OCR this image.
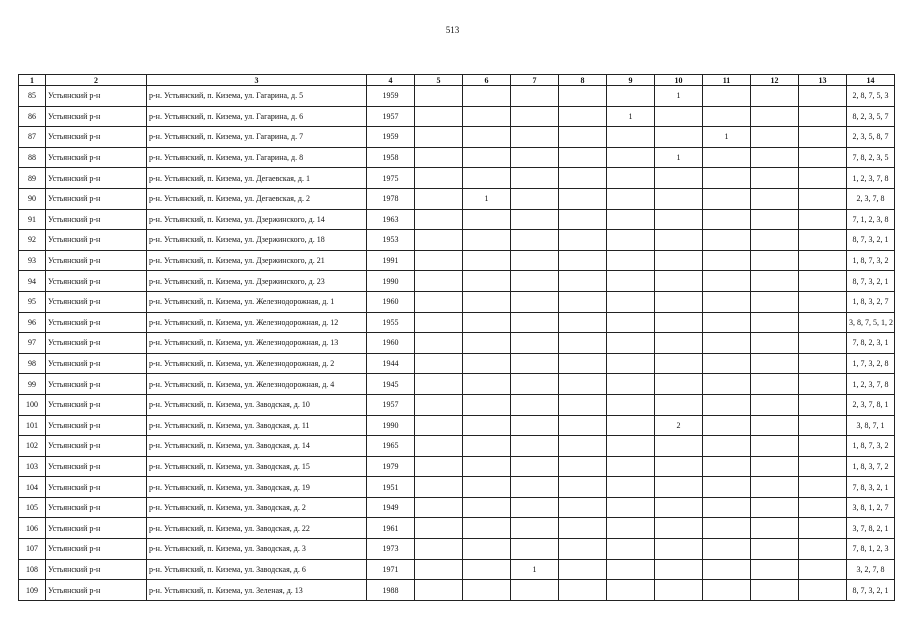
513
1	2	3	4	5	6	7	8	9	10	11	12	13	14
85	Устьянский р-н	р-н. Устьянский, п. Кизема, ул. Гагарина, д. 5	1959						1				2, 8, 7, 5, 3
86	Устьянский р-н	р-н. Устьянский, п. Кизема, ул. Гагарина, д. 6	1957					1					8, 2, 3, 5, 7
87	Устьянский р-н	р-н. Устьянский, п. Кизема, ул. Гагарина, д. 7	1959							1			2, 3, 5, 8, 7
88	Устьянский р-н	р-н. Устьянский, п. Кизема, ул. Гагарина, д. 8	1958						1				7, 8, 2, 3, 5
89	Устьянский р-н	р-н. Устьянский, п. Кизема, ул. Дегаевская, д. 1	1975										1, 2, 3, 7, 8
90	Устьянский р-н	р-н. Устьянский, п. Кизема, ул. Дегаевская, д. 2	1978		1								2, 3, 7, 8
91	Устьянский р-н	р-н. Устьянский, п. Кизема, ул. Дзержинского, д. 14	1963										7, 1, 2, 3, 8
92	Устьянский р-н	р-н. Устьянский, п. Кизема, ул. Дзержинского, д. 18	1953										8, 7, 3, 2, 1
93	Устьянский р-н	р-н. Устьянский, п. Кизема, ул. Дзержинского, д. 21	1991										1, 8, 7, 3, 2
94	Устьянский р-н	р-н. Устьянский, п. Кизема, ул. Дзержинского, д. 23	1990										8, 7, 3, 2, 1
95	Устьянский р-н	р-н. Устьянский, п. Кизема, ул. Железнодорожная, д. 1	1960										1, 8, 3, 2, 7
96	Устьянский р-н	р-н. Устьянский, п. Кизема, ул. Железнодорожная, д. 12	1955										3, 8, 7, 5, 1, 2
97	Устьянский р-н	р-н. Устьянский, п. Кизема, ул. Железнодорожная, д. 13	1960										7, 8, 2, 3, 1
98	Устьянский р-н	р-н. Устьянский, п. Кизема, ул. Железнодорожная, д. 2	1944										1, 7, 3, 2, 8
99	Устьянский р-н	р-н. Устьянский, п. Кизема, ул. Железнодорожная, д. 4	1945										1, 2, 3, 7, 8
100	Устьянский р-н	р-н. Устьянский, п. Кизема, ул. Заводская, д. 10	1957										2, 3, 7, 8, 1
101	Устьянский р-н	р-н. Устьянский, п. Кизема, ул. Заводская, д. 11	1990						2				3, 8, 7, 1
102	Устьянский р-н	р-н. Устьянский, п. Кизема, ул. Заводская, д. 14	1965										1, 8, 7, 3, 2
103	Устьянский р-н	р-н. Устьянский, п. Кизема, ул. Заводская, д. 15	1979										1, 8, 3, 7, 2
104	Устьянский р-н	р-н. Устьянский, п. Кизема, ул. Заводская, д. 19	1951										7, 8, 3, 2, 1
105	Устьянский р-н	р-н. Устьянский, п. Кизема, ул. Заводская, д. 2	1949										3, 8, 1, 2, 7
106	Устьянский р-н	р-н. Устьянский, п. Кизема, ул. Заводская, д. 22	1961										3, 7, 8, 2, 1
107	Устьянский р-н	р-н. Устьянский, п. Кизема, ул. Заводская, д. 3	1973										7, 8, 1, 2, 3
108	Устьянский р-н	р-н. Устьянский, п. Кизема, ул. Заводская, д. 6	1971			1							3, 2, 7, 8
109	Устьянский р-н	р-н. Устьянский, п. Кизема, ул. Зеленая, д. 13	1988										8, 7, 3, 2, 1
